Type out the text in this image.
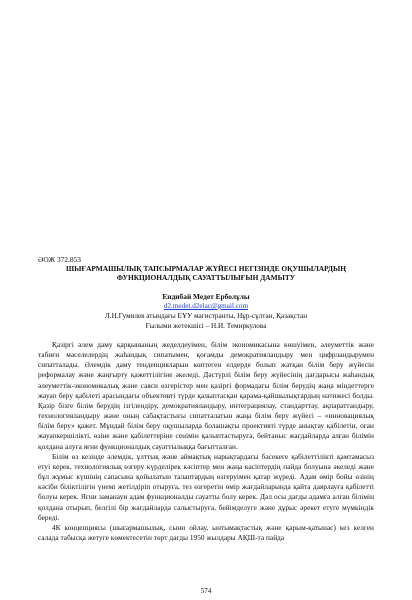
ӘОЖ 372.853
ШЫҒАРМАШЫЛЫҚ ТАПСЫРМАЛАР ЖҮЙЕСІ НЕГІЗІНДЕ ОҚУШЫЛАРДЫҢ
ФУНКЦИОНАЛДЫҚ САУАТТЫЛЫҒЫН ДАМЫТУ
Ендибай Медет Ерболұлы
d2.medet.d2elac@gmail.com
Л.Н.Гумилев атындағы ЕҰУ магистранты, Нұр-сұлтан, Қазақстан
Ғылыми жетекшісі – Н.И. Темиркулова

Қазіргі әлем даму қарқынының жеделдеуімен, білім экономикасына көшуімен, әлеуметтік және табиғи мәселелердің жаһандық сипатымен, қоғамды демократияландыру мен цифрландырумен сипатталады. Әлемдік даму тенденцияларын көптеген елдерде болып жатқан білім беру жүйесін реформалау және жаңғырту қажеттілігіне әкеледі. Дәстүрлі білім беру жүйесінің дағдарысы жаһандық әлеуметтік-экономикалық және саяси өзгерістер мен қазіргі формадағы білім берудің жаңа міндеттерге жауап беру қабілеті арасындағы объективті түрде қалыптасқан қарама-қайшылықтардың нәтижесі болды. Қазір бізге білім берудің ізгілендіру, демократияландыру, интеграциялау, стандарттау, ақпараттандыру, технологияландыру және оның сабақтастығы сипатталатын жаңа білім беру жүйесі – «инновациялық білім беру» қажет. Мұндай білім беру оқушыларда болашақты проективті түрде анықтау қабілетін, оған жауапкершілікті, өзіне және қабілеттеріне сенімін қалыптастыруға, бейтаныс жағдайларда алған білімін қолдана алуға яғни функционалдық сауаттылыққа бағытталған.

Білім өз кезінде әлемдік, ұлттық және аймақтық нарықтардағы бәсекеге қабілеттілікті қамтамасыз етуі керек, технологиялық өзгеру күрделірек кәсіптер мен жаңа кәсіптердің пайда болуына әкеледі және бұл жұмыс күшінің сапасына қойылатын талаптардың өзгеруімен қатар жүреді. Адам өмір бойы өзінің кәсіби біліктілігін үнемі жетілдіріп отыруға, тез өзгеретін өмір жағдайларында қайта даярлауға қабілетті болуы керек. Яғни заманауи адам функционалды сауатты болу керек. Дәл осы дағды адамға алған білімін қолдана отырып, белгілі бір жағдайларда салыстыруға, бейімделуге және дұрыс әрекет етуге мүмкіндік береді.

4К концепциясы (шығармашылық, сыни ойлау, ынтымақтастық және қарым-қатынас) кез келген салада табысқа жетуге көмектесетін төрт дағды 1950 жылдары АҚШ-та пайда

574
